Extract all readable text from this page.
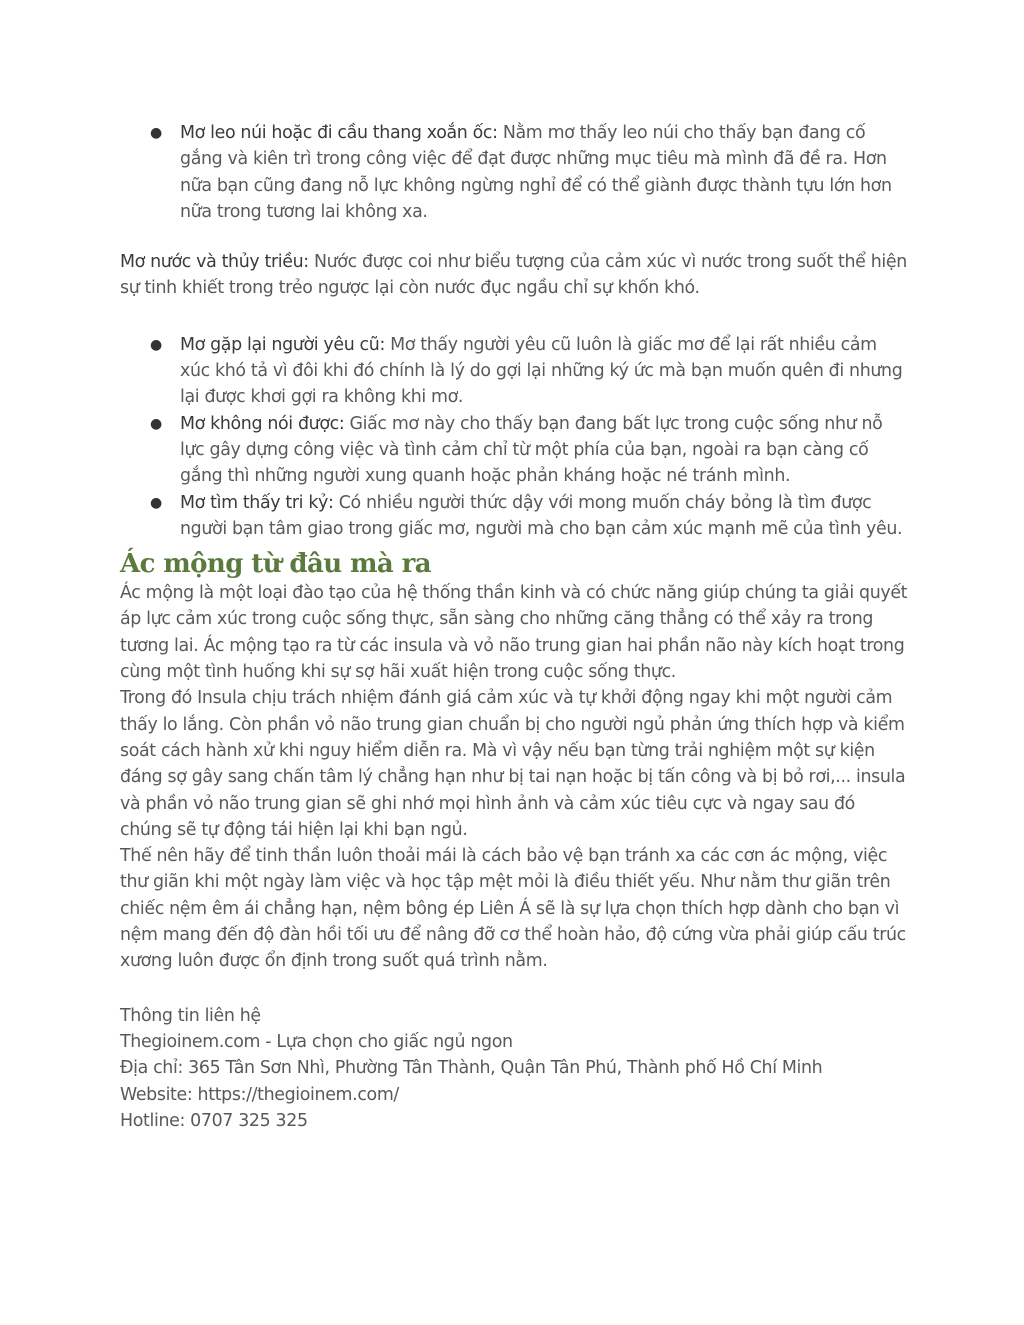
● Mơ leo núi hoặc đi cầu thang xoắn ốc: Nằm mơ thấy leo núi cho thấy bạn đang cố gắng và kiên trì trong công việc để đạt được những mục tiêu mà mình đã đề ra. Hơn nữa bạn cũng đang nỗ lực không ngừng nghỉ để có thể giành được thành tựu lớn hơn nữa trong tương lai không xa.

Mơ nước và thủy triều: Nước được coi như biểu tượng của cảm xúc vì nước trong suốt thể hiện sự tinh khiết trong trẻo ngược lại còn nước đục ngầu chỉ sự khốn khó.

● Mơ gặp lại người yêu cũ: Mơ thấy người yêu cũ luôn là giấc mơ để lại rất nhiều cảm xúc khó tả vì đôi khi đó chính là lý do gợi lại những ký ức mà bạn muốn quên đi nhưng lại được khơi gợi ra không khi mơ.
● Mơ không nói được: Giấc mơ này cho thấy bạn đang bất lực trong cuộc sống như nỗ lực gây dựng công việc và tình cảm chỉ từ một phía của bạn, ngoài ra bạn càng cố gắng thì những người xung quanh hoặc phản kháng hoặc né tránh mình.
● Mơ tìm thấy tri kỷ: Có nhiều người thức dậy với mong muốn cháy bỏng là tìm được người bạn tâm giao trong giấc mơ, người mà cho bạn cảm xúc mạnh mẽ của tình yêu.
Ác mộng từ đâu mà ra

Ác mộng là một loại đào tạo của hệ thống thần kinh và có chức năng giúp chúng ta giải quyết áp lực cảm xúc trong cuộc sống thực, sẵn sàng cho những căng thẳng có thể xảy ra trong tương lai. Ác mộng tạo ra từ các insula và vỏ não trung gian hai phần não này kích hoạt trong cùng một tình huống khi sự sợ hãi xuất hiện trong cuộc sống thực.

Trong đó Insula chịu trách nhiệm đánh giá cảm xúc và tự khởi động ngay khi một người cảm thấy lo lắng. Còn phần vỏ não trung gian chuẩn bị cho người ngủ phản ứng thích hợp và kiểm soát cách hành xử khi nguy hiểm diễn ra. Mà vì vậy nếu bạn từng trải nghiệm một sự kiện đáng sợ gây sang chấn tâm lý chẳng hạn như bị tai nạn hoặc bị tấn công và bị bỏ rơi,... insula và phần vỏ não trung gian sẽ ghi nhớ mọi hình ảnh và cảm xúc tiêu cực và ngay sau đó chúng sẽ tự động tái hiện lại khi bạn ngủ.

Thế nên hãy để tinh thần luôn thoải mái là cách bảo vệ bạn tránh xa các cơn ác mộng, việc thư giãn khi một ngày làm việc và học tập mệt mỏi là điều thiết yếu. Như nằm thư giãn trên chiếc nệm êm ái chẳng hạn, nệm bông ép Liên Á sẽ là sự lựa chọn thích hợp dành cho bạn vì nệm mang đến độ đàn hồi tối ưu để nâng đỡ cơ thể hoàn hảo, độ cứng vừa phải giúp cấu trúc xương luôn được ổn định trong suốt quá trình nằm.

Thông tin liên hệ

Thegioinem.com - Lựa chọn cho giấc ngủ ngon

Địa chỉ: 365 Tân Sơn Nhì, Phường Tân Thành, Quận Tân Phú, Thành phố Hồ Chí Minh

Website: https://thegioinem.com/

Hotline: 0707 325 325
